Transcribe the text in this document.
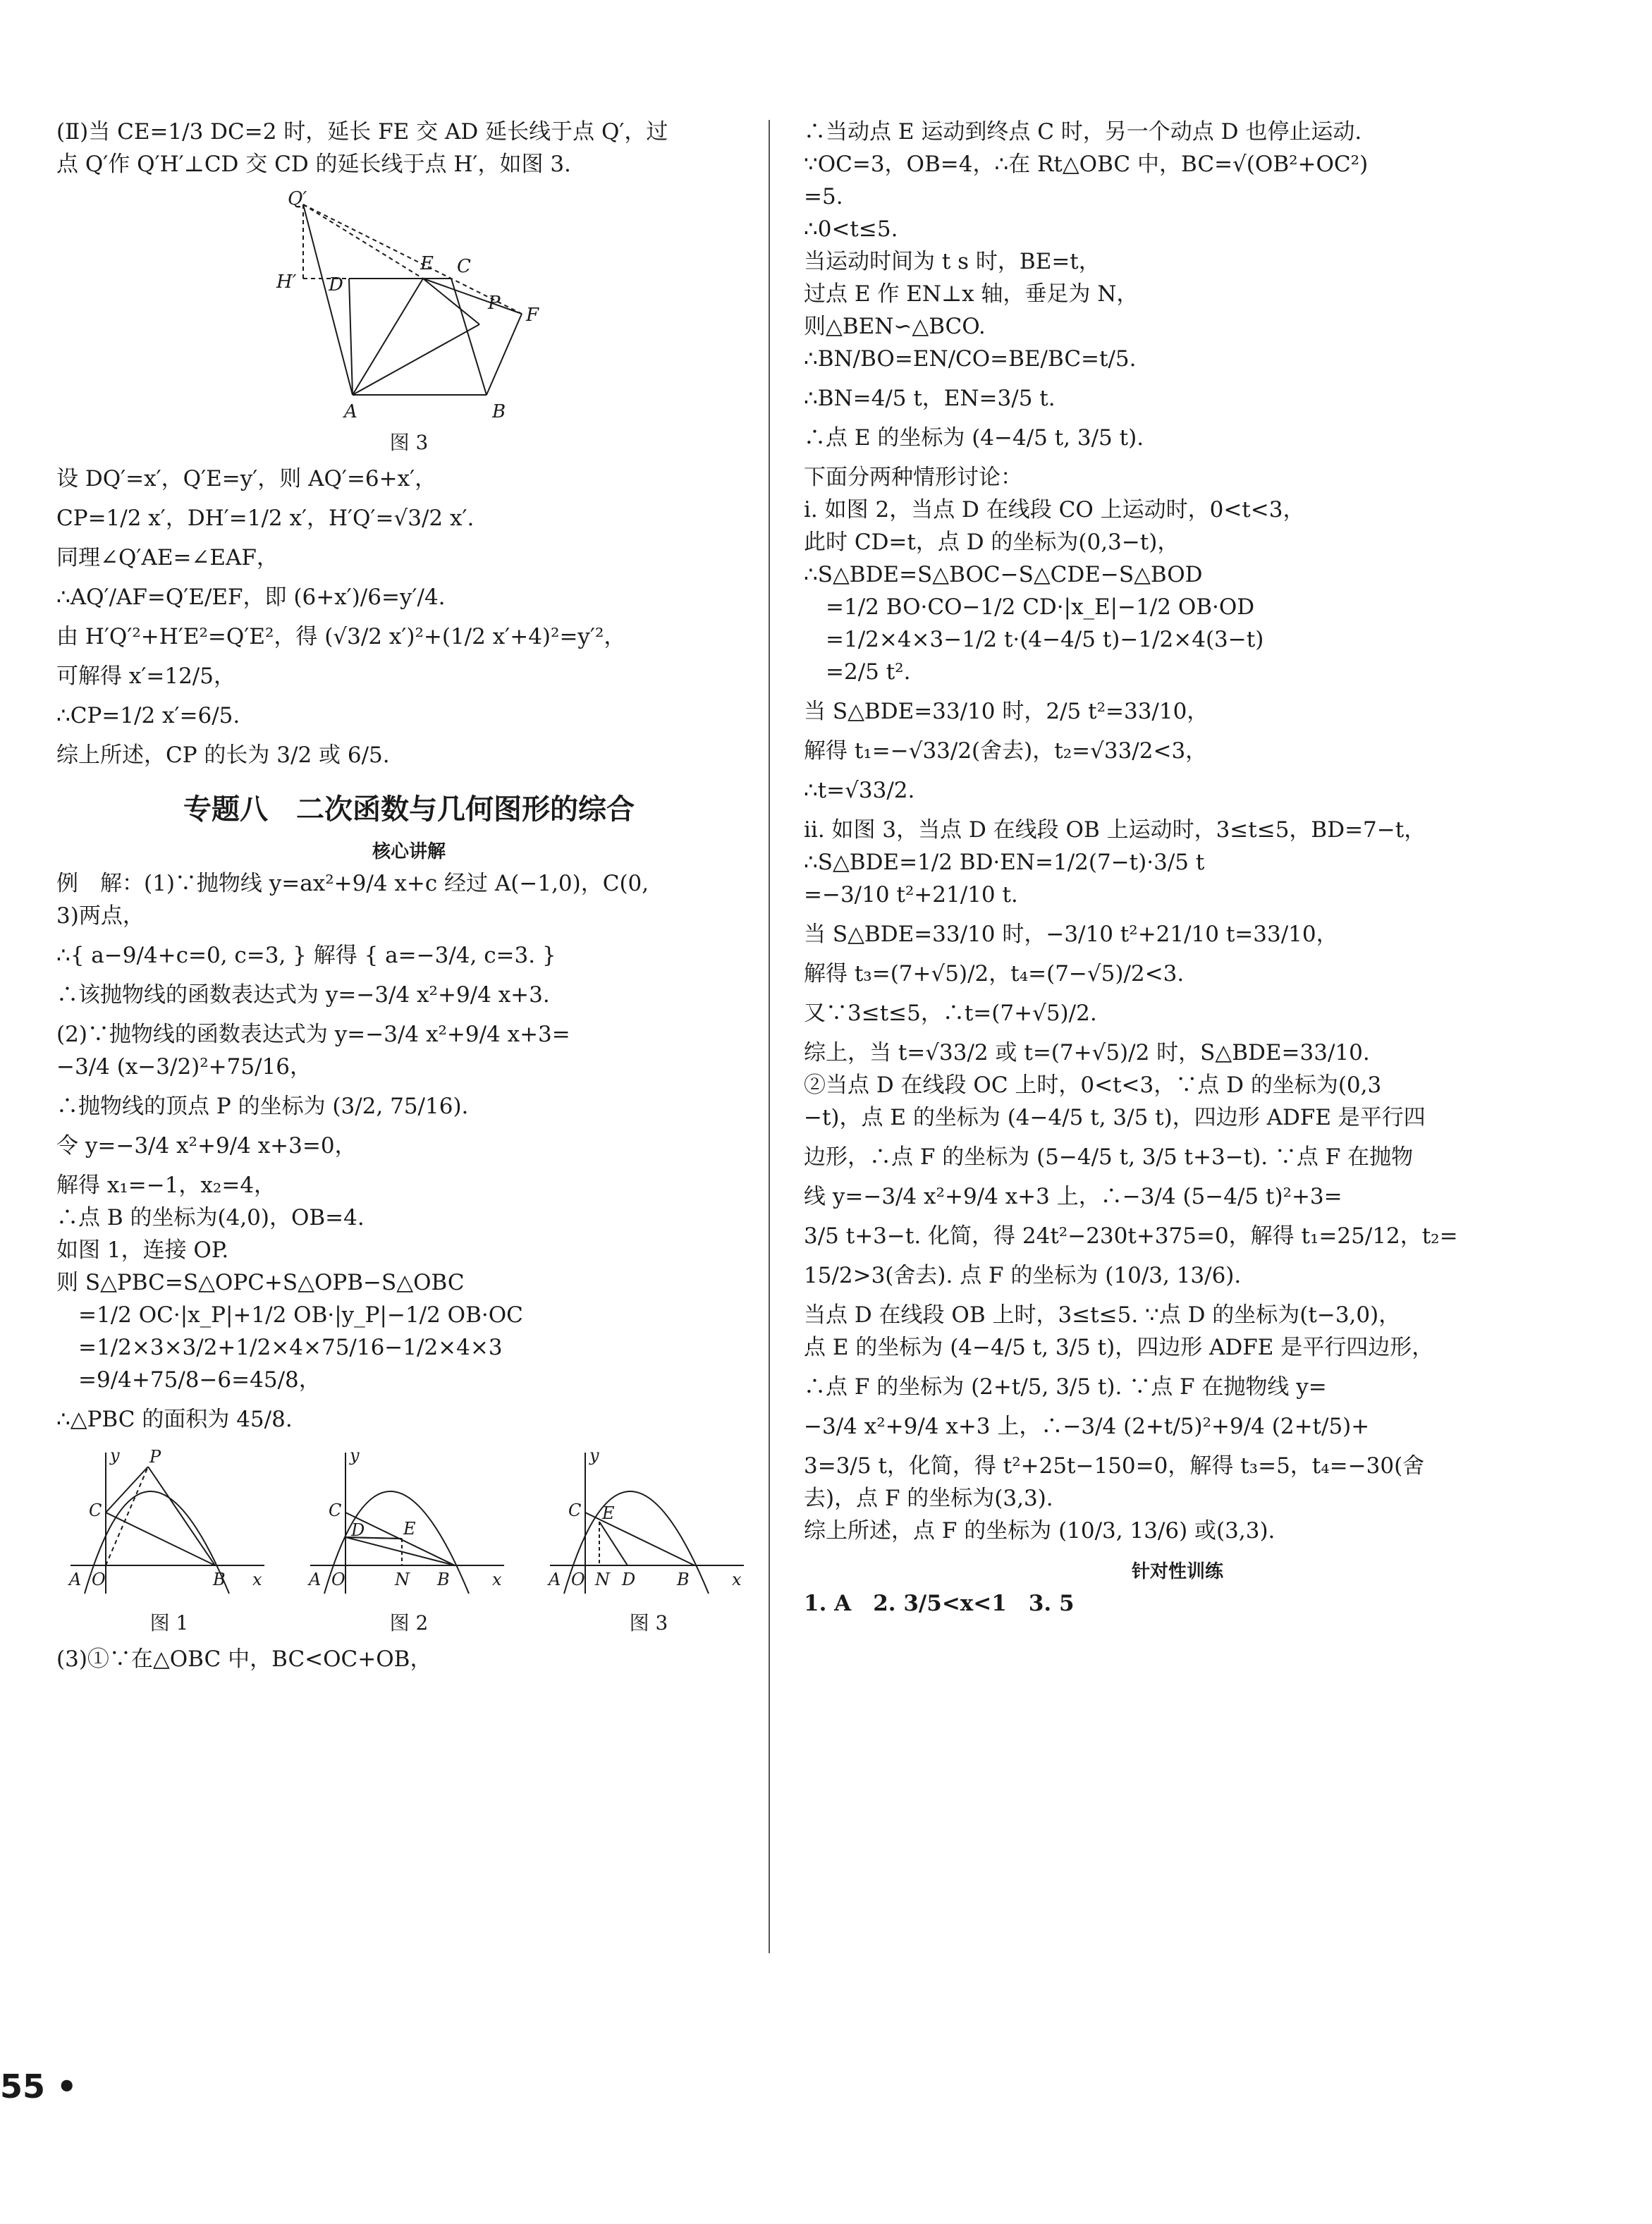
(Ⅱ)当 CE=1/3 DC=2 时，延长 FE 交 AD 延长线于点 Q′，过

点 Q′作 Q′H′⊥CD 交 CD 的延长线于点 H′，如图 3.

Q′
H′ D
E C
P
F
A	B

图 3

设 DQ′=x′，Q′E=y′，则 AQ′=6+x′，

CP=1/2 x′，DH′=1/2 x′，H′Q′=√3/2 x′.

同理∠Q′AE=∠EAF，

∴AQ′/AF=Q′E/EF，即 (6+x′)/6=y′/4.

由 H′Q′²+H′E²=Q′E²，得 (√3/2 x′)²+(1/2 x′+4)²=y′²，

可解得 x′=12/5，

∴CP=1/2 x′=6/5.

综上所述，CP 的长为 3/2 或 6/5.

专题八　二次函数与几何图形的综合
核心讲解

例　解：(1)∵抛物线 y=ax²+9/4 x+c 经过 A(−1,0)，C(0,

3)两点，

∴{ a−9/4+c=0, c=3, } 解得 { a=−3/4, c=3. }

∴该抛物线的函数表达式为 y=−3/4 x²+9/4 x+3.

(2)∵抛物线的函数表达式为 y=−3/4 x²+9/4 x+3=

−3/4 (x−3/2)²+75/16，

∴抛物线的顶点 P 的坐标为 (3/2, 75/16).

令 y=−3/4 x²+9/4 x+3=0，

解得 x₁=−1，x₂=4，

∴点 B 的坐标为(4,0)，OB=4.

如图 1，连接 OP.

则 S△PBC=S△OPC+S△OPB−S△OBC

　=1/2 OC·|x_P|+1/2 OB·|y_P|−1/2 OB·OC

　=1/2×3×3/2+1/2×4×75/16−1/2×4×3

　=9/4+75/8−6=45/8，

∴△PBC 的面积为 45/8.

y P
C
A O	B x

图 1

y
C
E
D
A O	N B	x

图 2

y
C E
A O N D B	x

图 3

(3)①∵在△OBC 中，BC<OC+OB，

∴当动点 E 运动到终点 C 时，另一个动点 D 也停止运动.

∵OC=3，OB=4，∴在 Rt△OBC 中，BC=√(OB²+OC²)

=5.

∴0<t≤5.

当运动时间为 t s 时，BE=t，

过点 E 作 EN⊥x 轴，垂足为 N，

则△BEN∽△BCO.

∴BN/BO=EN/CO=BE/BC=t/5.

∴BN=4/5 t，EN=3/5 t.

∴点 E 的坐标为 (4−4/5 t, 3/5 t).

下面分两种情形讨论：

ⅰ. 如图 2，当点 D 在线段 CO 上运动时，0<t<3，

此时 CD=t，点 D 的坐标为(0,3−t)，

∴S△BDE=S△BOC−S△CDE−S△BOD

　=1/2 BO·CO−1/2 CD·|x_E|−1/2 OB·OD

　=1/2×4×3−1/2 t·(4−4/5 t)−1/2×4(3−t)

　=2/5 t².

当 S△BDE=33/10 时，2/5 t²=33/10，

解得 t₁=−√33/2(舍去)，t₂=√33/2<3，

∴t=√33/2.

ⅱ. 如图 3，当点 D 在线段 OB 上运动时，3≤t≤5，BD=7−t，

∴S△BDE=1/2 BD·EN=1/2(7−t)·3/5 t

=−3/10 t²+21/10 t.

当 S△BDE=33/10 时，−3/10 t²+21/10 t=33/10，

解得 t₃=(7+√5)/2，t₄=(7−√5)/2<3.

又∵3≤t≤5，∴t=(7+√5)/2.

综上，当 t=√33/2 或 t=(7+√5)/2 时，S△BDE=33/10.

②当点 D 在线段 OC 上时，0<t<3，∵点 D 的坐标为(0,3

−t)，点 E 的坐标为 (4−4/5 t, 3/5 t)，四边形 ADFE 是平行四

边形，∴点 F 的坐标为 (5−4/5 t, 3/5 t+3−t). ∵点 F 在抛物

线 y=−3/4 x²+9/4 x+3 上，∴−3/4 (5−4/5 t)²+3=

3/5 t+3−t. 化简，得 24t²−230t+375=0，解得 t₁=25/12，t₂=

15/2>3(舍去). 点 F 的坐标为 (10/3, 13/6).

当点 D 在线段 OB 上时，3≤t≤5. ∵点 D 的坐标为(t−3,0)，

点 E 的坐标为 (4−4/5 t, 3/5 t)，四边形 ADFE 是平行四边形，

∴点 F 的坐标为 (2+t/5, 3/5 t). ∵点 F 在抛物线 y=

−3/4 x²+9/4 x+3 上，∴−3/4 (2+t/5)²+9/4 (2+t/5)+

3=3/5 t，化简，得 t²+25t−150=0，解得 t₃=5，t₄=−30(舍

去)，点 F 的坐标为(3,3).

综上所述，点 F 的坐标为 (10/3, 13/6) 或(3,3).

针对性训练

1. A　2. 3/5<x<1　3. 5

55 •
